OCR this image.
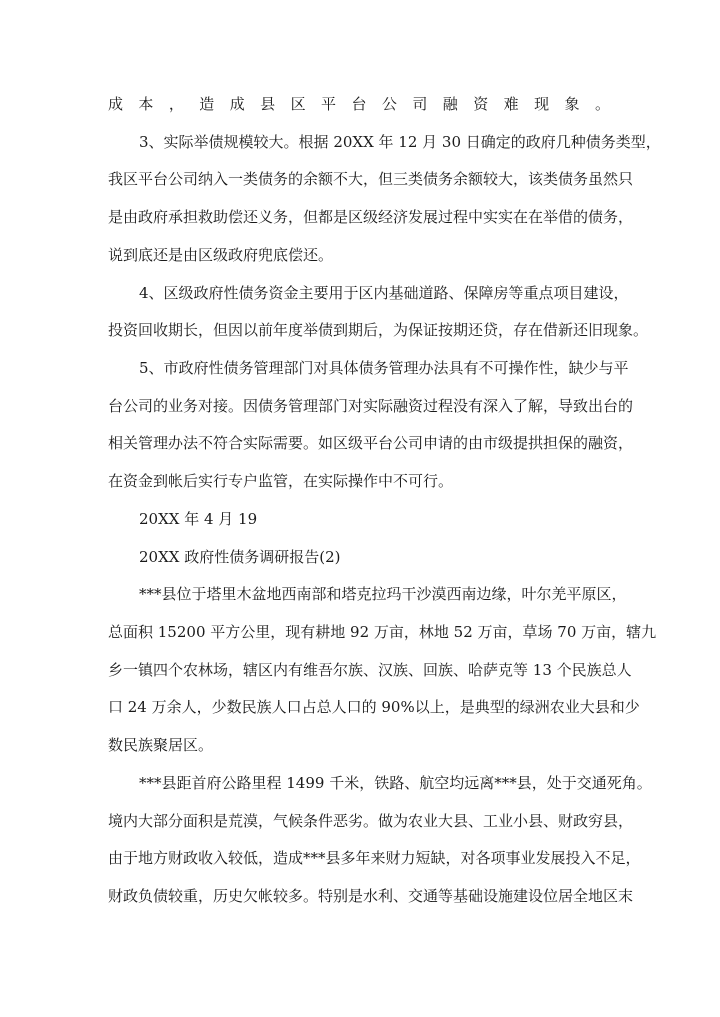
成本，造成县区平台公司融资难现象。
3、实际举债规模较大。根据 20XX 年 12 月 30 日确定的政府几种债务类型，
我区平台公司纳入一类债务的余额不大，但三类债务余额较大，该类债务虽然只
是由政府承担救助偿还义务，但都是区级经济发展过程中实实在在举借的债务，
说到底还是由区级政府兜底偿还。
4、区级政府性债务资金主要用于区内基础道路、保障房等重点项目建设，
投资回收期长，但因以前年度举债到期后，为保证按期还贷，存在借新还旧现象。
5、市政府性债务管理部门对具体债务管理办法具有不可操作性，缺少与平
台公司的业务对接。因债务管理部门对实际融资过程没有深入了解，导致出台的
相关管理办法不符合实际需要。如区级平台公司申请的由市级提拱担保的融资，
在资金到帐后实行专户监管，在实际操作中不可行。
20XX 年 4 月 19
20XX 政府性债务调研报告(2)
***县位于塔里木盆地西南部和塔克拉玛干沙漠西南边缘，叶尔羌平原区，
总面积 15200 平方公里，现有耕地 92 万亩，林地 52 万亩，草场 70 万亩，辖九
乡一镇四个农林场，辖区内有维吾尔族、汉族、回族、哈萨克等 13 个民族总人
口 24 万余人，少数民族人口占总人口的 90%以上，是典型的绿洲农业大县和少
数民族聚居区。
***县距首府公路里程 1499 千米，铁路、航空均远离***县，处于交通死角。
境内大部分面积是荒漠，气候条件恶劣。做为农业大县、工业小县、财政穷县，
由于地方财政收入较低，造成***县多年来财力短缺，对各项事业发展投入不足，
财政负债较重，历史欠帐较多。特别是水利、交通等基础设施建设位居全地区末
